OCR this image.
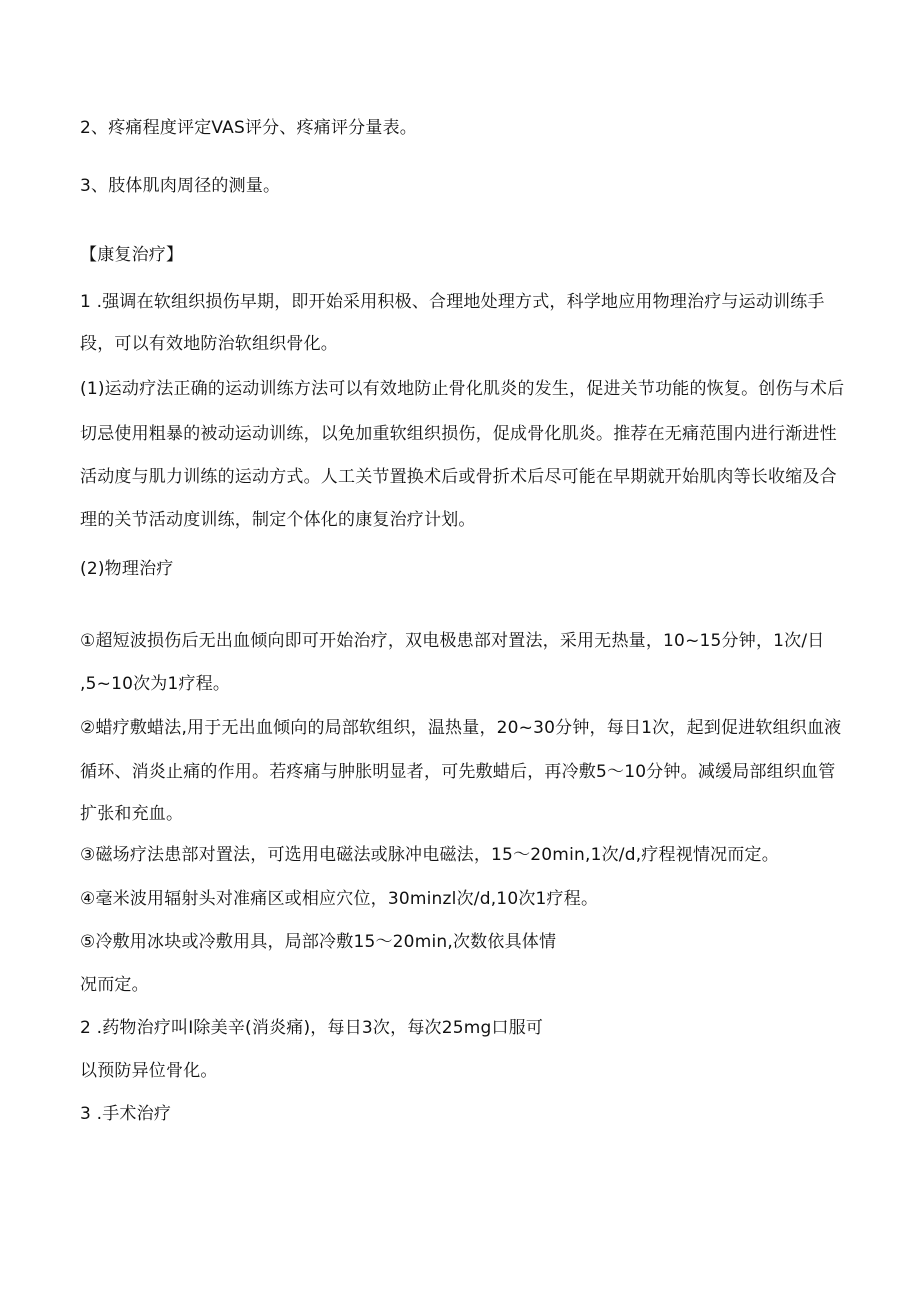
2、疼痛程度评定VAS评分、疼痛评分量表。
3、肢体肌肉周径的测量。
【康复治疗】
1 .强调在软组织损伤早期，即开始采用积极、合理地处理方式，科学地应用物理治疗与运动训练手
段，可以有效地防治软组织骨化。
(1)运动疗法正确的运动训练方法可以有效地防止骨化肌炎的发生，促进关节功能的恢复。创伤与术后
切忌使用粗暴的被动运动训练，以免加重软组织损伤，促成骨化肌炎。推荐在无痛范围内进行渐进性
活动度与肌力训练的运动方式。人工关节置换术后或骨折术后尽可能在早期就开始肌肉等长收缩及合
理的关节活动度训练，制定个体化的康复治疗计划。
(2)物理治疗
①超短波损伤后无出血倾向即可开始治疗，双电极患部对置法，采用无热量，10~15分钟，1次/日
,5~10次为1疗程。
②蜡疗敷蜡法,用于无出血倾向的局部软组织，温热量，20~30分钟，每日1次，起到促进软组织血液
循环、消炎止痛的作用。若疼痛与肿胀明显者，可先敷蜡后，再冷敷5～10分钟。减缓局部组织血管
扩张和充血。
③磁场疗法患部对置法，可选用电磁法或脉冲电磁法，15～20min,1次/d,疗程视情况而定。
④毫米波用辐射头对准痛区或相应穴位，30minzl次/d,10次1疗程。
⑤冷敷用冰块或冷敷用具，局部冷敷15～20min,次数依具体情
况而定。
2 .药物治疗叫I除美辛(消炎痛)，每日3次，每次25mg口服可
以预防异位骨化。
3 .手术治疗
